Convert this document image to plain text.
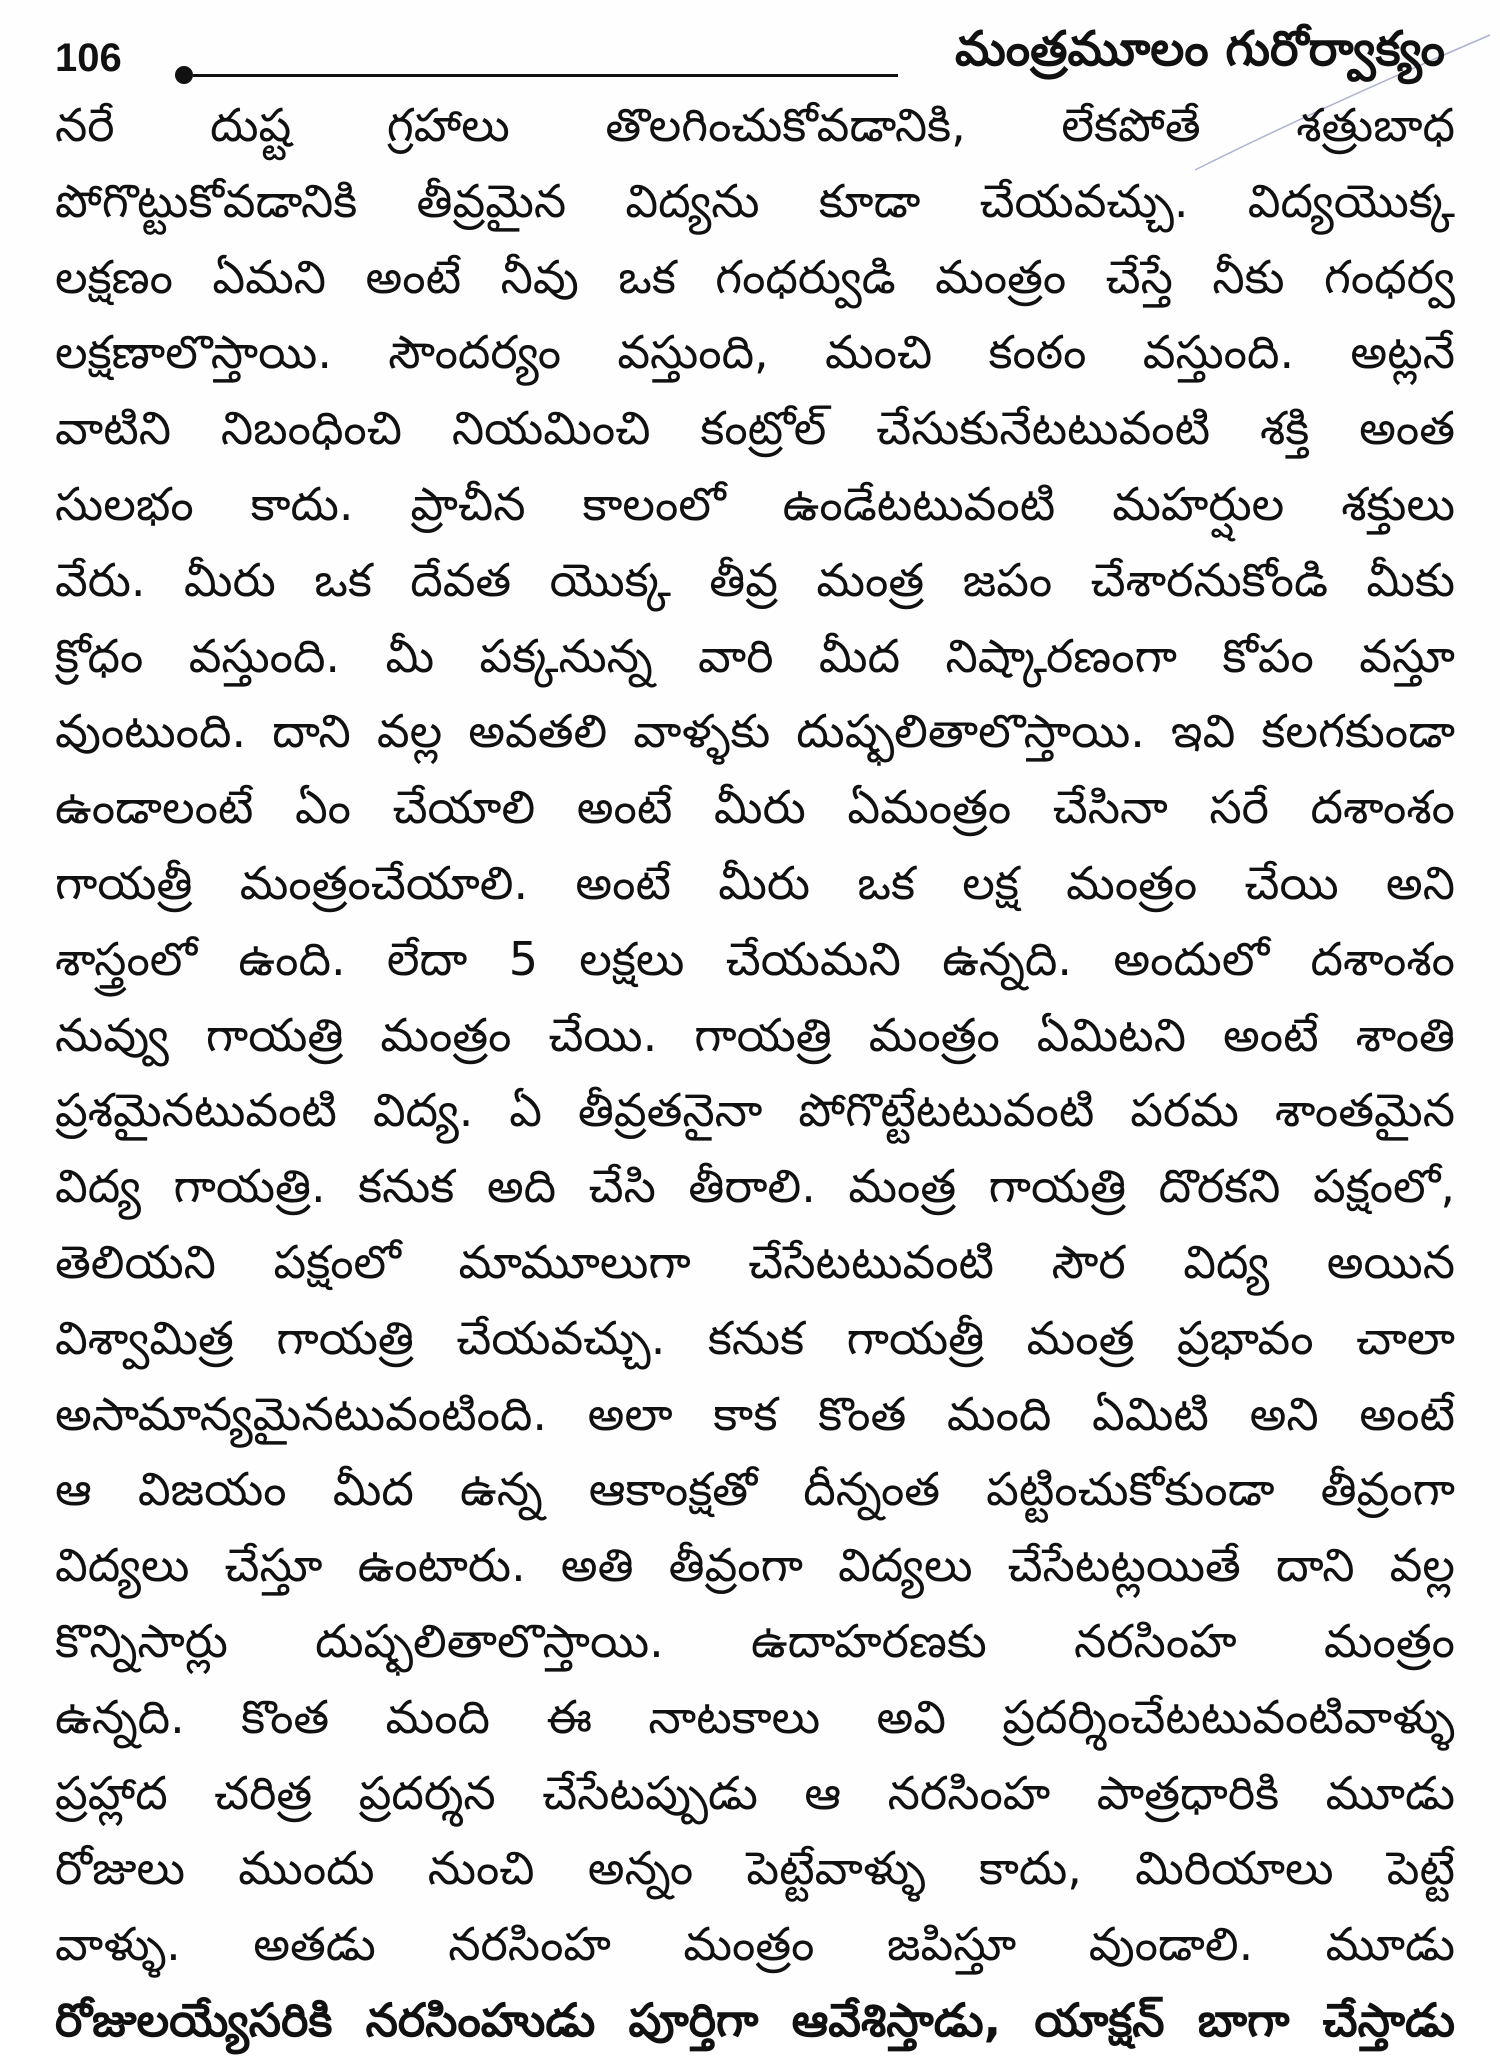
106	మంత్రమూలం గురోర్వాక్యం
నరే దుష్ట గ్రహాలు తొలగించుకోవడానికి, లేకపోతే శత్రుబాధ
పోగొట్టుకోవడానికి తీవ్రమైన విద్యను కూడా చేయవచ్చు. విద్యయొక్క
లక్షణం ఏమని అంటే నీవు ఒక గంధర్వుడి మంత్రం చేస్తే నీకు గంధర్వ
లక్షణాలొస్తాయి. సౌందర్యం వస్తుంది, మంచి కంఠం వస్తుంది. అట్లనే
వాటిని నిబంధించి నియమించి కంట్రోల్ చేసుకునేటటువంటి శక్తి అంత
సులభం కాదు. ప్రాచీన కాలంలో ఉండేటటువంటి మహర్షుల శక్తులు
వేరు. మీరు ఒక దేవత యొక్క తీవ్ర మంత్ర జపం చేశారనుకోండి మీకు
క్రోధం వస్తుంది. మీ పక్కనున్న వారి మీద నిష్కారణంగా కోపం వస్తూ
వుంటుంది. దాని వల్ల అవతలి వాళ్ళకు దుష్ఫలితాలొస్తాయి. ఇవి కలగకుండా
ఉండాలంటే ఏం చేయాలి అంటే మీరు ఏమంత్రం చేసినా సరే దశాంశం
గాయత్రీ మంత్రంచేయాలి. అంటే మీరు ఒక లక్ష మంత్రం చేయి అని
శాస్త్రంలో ఉంది. లేదా 5 లక్షలు చేయమని ఉన్నది. అందులో దశాంశం
నువ్వు గాయత్రి మంత్రం చేయి. గాయత్రి మంత్రం ఏమిటని అంటే శాంతి
ప్రశమైనటువంటి విద్య. ఏ తీవ్రతనైనా పోగొట్టేటటువంటి పరమ శాంతమైన
విద్య గాయత్రి. కనుక అది చేసి తీరాలి. మంత్ర గాయత్రి దొరకని పక్షంలో,
తెలియని పక్షంలో మామూలుగా చేసేటటువంటి సౌర విద్య అయిన
విశ్వామిత్ర గాయత్రి చేయవచ్చు. కనుక గాయత్రీ మంత్ర ప్రభావం చాలా
అసామాన్యమైనటువంటింది. అలా కాక కొంత మంది ఏమిటి అని అంటే
ఆ విజయం మీద ఉన్న ఆకాంక్షతో దీన్నంత పట్టించుకోకుండా తీవ్రంగా
విద్యలు చేస్తూ ఉంటారు. అతి తీవ్రంగా విద్యలు చేసేటట్లయితే దాని వల్ల
కొన్నిసార్లు దుష్ఫలితాలొస్తాయి. ఉదాహరణకు నరసింహ మంత్రం
ఉన్నది. కొంత మంది ఈ నాటకాలు అవి ప్రదర్శించేటటువంటివాళ్ళు
ప్రహ్లాద చరిత్ర ప్రదర్శన చేసేటప్పుడు ఆ నరసింహ పాత్రధారికి మూడు
రోజులు ముందు నుంచి అన్నం పెట్టేవాళ్ళు కాదు, మిరియాలు పెట్టే
వాళ్ళు. అతడు నరసింహ మంత్రం జపిస్తూ వుండాలి. మూడు
రోజులయ్యేసరికి నరసింహుడు పూర్తిగా ఆవేశిస్తాడు, యాక్షన్ బాగా చేస్తాడు
